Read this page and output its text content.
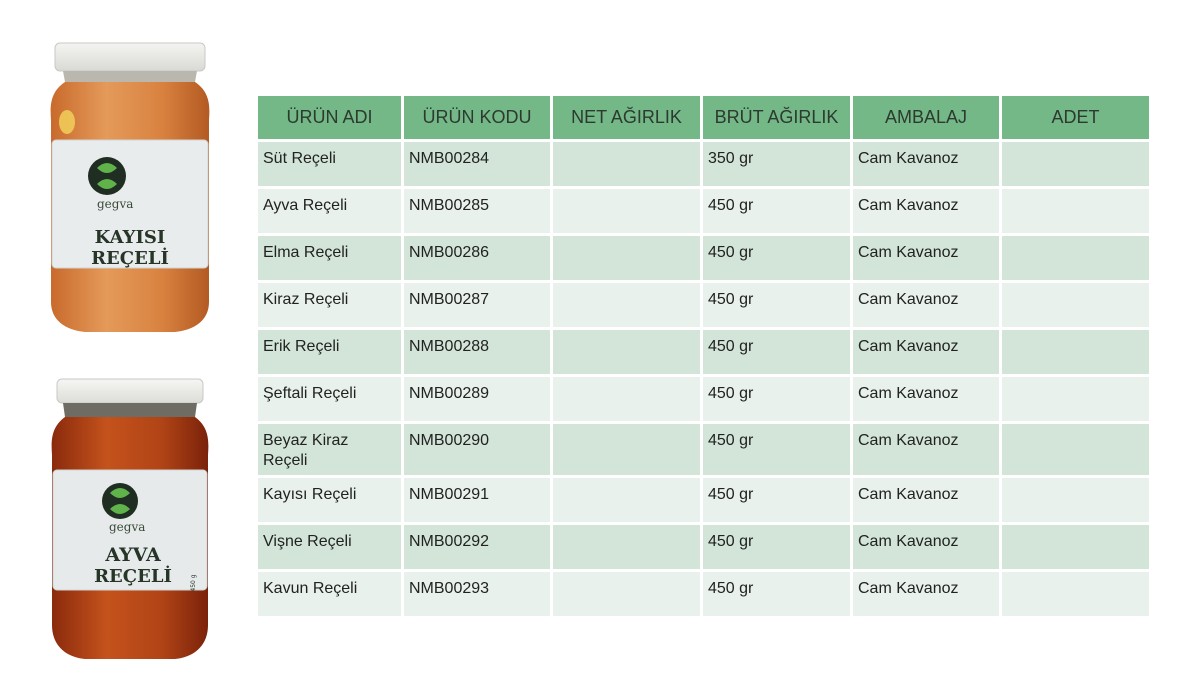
gegva
KAYISI
REÇELİ
gegva
AYVA
REÇELİ	450 g
ÜRÜN ADI	ÜRÜN KODU	NET AĞIRLIK	BRÜT AĞIRLIK	AMBALAJ	ADET
Süt Reçeli	NMB00284		350 gr	Cam Kavanoz	
Ayva Reçeli	NMB00285		450 gr	Cam Kavanoz	
Elma Reçeli	NMB00286		450 gr	Cam Kavanoz	
Kiraz Reçeli	NMB00287		450 gr	Cam Kavanoz	
Erik Reçeli	NMB00288		450 gr	Cam Kavanoz	
Şeftali Reçeli	NMB00289		450 gr	Cam Kavanoz	
Beyaz Kiraz Reçeli	NMB00290		450 gr	Cam Kavanoz	
Kayısı Reçeli	NMB00291		450 gr	Cam Kavanoz	
Vişne Reçeli	NMB00292		450 gr	Cam Kavanoz	
Kavun Reçeli	NMB00293		450 gr	Cam Kavanoz	
